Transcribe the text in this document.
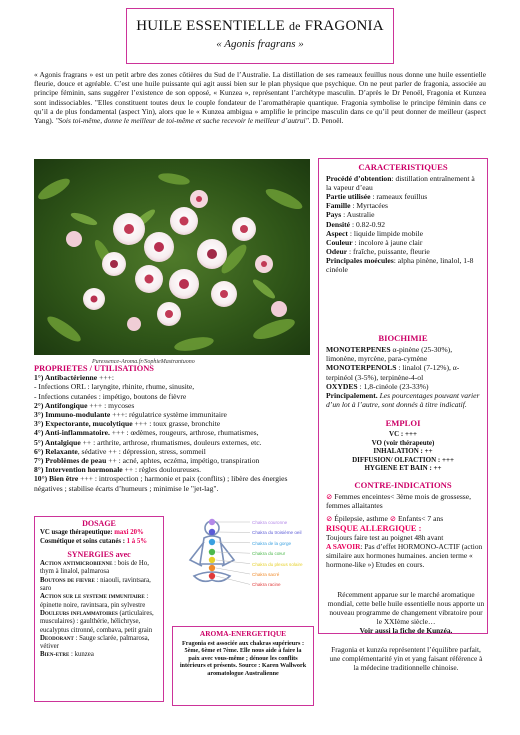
HUILE ESSENTIELLE de FRAGONIA
« Agonis fragrans »
« Agonis fragrans » est un petit arbre des zones côtières du Sud de l’Australie. La distillation de ses rameaux feuillus nous donne une huile essentielle fleurie, douce et agréable. C’est une huile puissante qui agit aussi bien sur le plan physique que psychique. On ne peut parler de fragonia, associée au principe féminin, sans suggérer l’existence de son opposé, « Kunzea », représentant l’archétype masculin. D’après le Dr Penoël, Fragonia et Kunzea sont indissociables. "Elles constituent toutes deux le couple fondateur de l’aromathérapie quantique. Fragonia symbolise le principe féminin dans ce qu’il a de plus fondamental (aspect Yin), alors que le « Kunzea ambigua » amplifie le principe masculin dans ce qu’il peut donner de meilleur (aspect Yang). "Sois toi-même, donne le meilleur de toi-même et sache recevoir le meilleur d’autrui". D. Penoël.
Puressence-Aroma.fr/SophieMastrantuono
CARACTERISTIQUES
Procédé d’obtention: distillation entraînement à la vapeur d’eau
Partie utilisée : rameaux feuillus
Famille : Myrtacées
Pays : Australie
Densité : 0.82-0.92
Aspect : liquide limpide mobile
Couleur : incolore à jaune clair
Odeur : fraîche, puissante, fleurie
Principales moécules: alpha pinène, linalol, 1-8 cinéole
BIOCHIMIE
MONOTERPENES α-pinène (25-30%), limonène, myrcène, para-cymène
MONOTERPENOLS : linalol (7-12%), α-terpinéol (3-5%), terpinène-4-ol
OXYDES : 1,8-cinéole (23-33%)
Principalement. Les pourcentages pouvant varier d’un lot à l’autre, sont donnés à titre indicatif.
EMPLOI
VC : +++
VO (voir thérapeute)
INHALATION : ++
DIFFUSION/ OLFACTION : +++
HYGIENE ET BAIN : ++
CONTRE-INDICATIONS
⊘ Femmes enceintes< 3ème mois de grossesse, femmes allaitantes
⊘ Épilepsie, asthme ⊘ Enfants< 7 ans
PROPRIETES / UTILISATIONS
1°) Antibactérienne +++:
- Infections ORL : laryngite, rhinite, rhume, sinusite,
- Infections cutanées : impétigo, boutons de fièvre
2°) Antifongique +++ : mycoses
3°) Immuno-modulante +++: régulatrice système immunitaire
3°) Expectorante, mucolytique +++ : toux grasse, bronchite
4°) Anti-inflammatoire. +++ : œdèmes, rougeurs, arthrose, rhumatismes,
5°) Antalgique ++ : arthrite, arthrose, rhumatismes, douleurs externes, etc.
6°) Relaxante, sédative ++ : dépression, stress, sommeil
7°) Problèmes de peau ++ : acné, aphtes, eczéma, impétigo, transpiration
8°) Intervention hormonale ++ : règles douloureuses.
10°) Bien être +++ : introspection ; harmonie et paix (conflits) ; libère des énergies négatives ; stabilise écarts d’humeurs ; minimise le "jet-lag".
DOSAGE
VC usage thérapeutique: maxi 20%
Cosmétique et soins cutanés : 1 à 5%
SYNERGIES avec
Action antimicrobienne : bois de Ho, thym à linalol, palmarosa
Boutons de fievre : niaouli, ravintsara, saro
Action sur le systeme immunitaire : épinette noire, ravintsara, pin sylvestre
Douleurs inflammatoires (articulaires, musculaires) : gaulthérie, hélichryse, eucalyptus citronné, combava, petit grain
Deodorant : Sauge sclarée, palmarosa, vétiver
Bien-etre : kunzea
Chakra couronne
Chakra du troisième oeil
Chakra de la gorge
Chakra du cœur
Chakra du plexus solaire
Chakra sacré
Chakra racine
AROMA-ENERGETIQUE
Fragonia est associée aux chakras supérieurs : 5ème, 6ème et 7ème. Elle nous aide à faire la paix avec vous-même ; dénoue les conflits intérieurs et présents. Source : Karen Wallwork aromatologue Australienne
RISQUE ALLERGIQUE :
Toujours faire test au poignet 48h avant
A SAVOIR: Pas d’effet HORMONO-ACTIF (action similaire aux hormones humaines. ancien terme « hormone-like ») Etudes en cours.
Récemment apparue sur le marché aromatique mondial, cette belle huile essentielle nous apporte un nouveau programme de changement vibratoire pour le XXIème siècle…
Voir aussi la fiche de Kunzéa.
Fragonia et kunzéa représentent l’équilibre parfait, une complémentarité yin et yang faisant référence à la médecine traditionnelle chinoise.
